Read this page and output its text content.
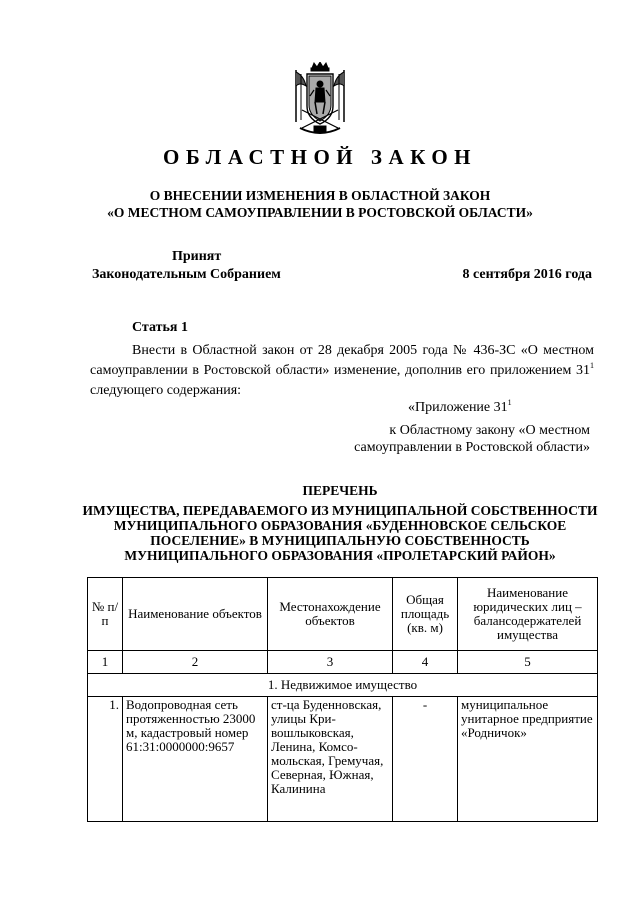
ОБЛАСТНОЙ ЗАКОН
О ВНЕСЕНИИ ИЗМЕНЕНИЯ В ОБЛАСТНОЙ ЗАКОН
«О МЕСТНОМ САМОУПРАВЛЕНИИ В РОСТОВСКОЙ ОБЛАСТИ»
Принят
Законодательным Собранием	8 сентября 2016 года
Статья 1
Внести в Областной закон от 28 декабря 2005 года № 436-ЗС «О местном самоуправлении в Ростовской области» изменение, дополнив его приложением $31^1$ следующего содержания:
«Приложение $31^1$
к Областному закону «О местном
самоуправлении в Ростовской области»
ПЕРЕЧЕНЬ
ИМУЩЕСТВА, ПЕРЕДАВАЕМОГО ИЗ МУНИЦИПАЛЬНОЙ СОБСТВЕННОСТИ
МУНИЦИПАЛЬНОГО ОБРАЗОВАНИЯ «БУДЕННОВСКОЕ СЕЛЬСКОЕ
ПОСЕЛЕНИЕ» В МУНИЦИПАЛЬНУЮ СОБСТВЕННОСТЬ
МУНИЦИПАЛЬНОГО ОБРАЗОВАНИЯ «ПРОЛЕТАРСКИЙ РАЙОН»
№ п/п	Наименование объектов	Местонахождение объектов	Общая площадь (кв. м)	Наименование юридических лиц – балансодержателей имущества
1	2	3	4	5
1. Недвижимое имущество				
1.	Водопроводная сеть протяженностью 23000 м, кадастровый номер 61:31:0000000:9657	ст-ца Буденновская, улицы Кривошлыковская, Ленина, Комсомольская, Гремучая, Северная, Южная, Калинина	-	муниципальное унитарное предприятие «Родничок»
